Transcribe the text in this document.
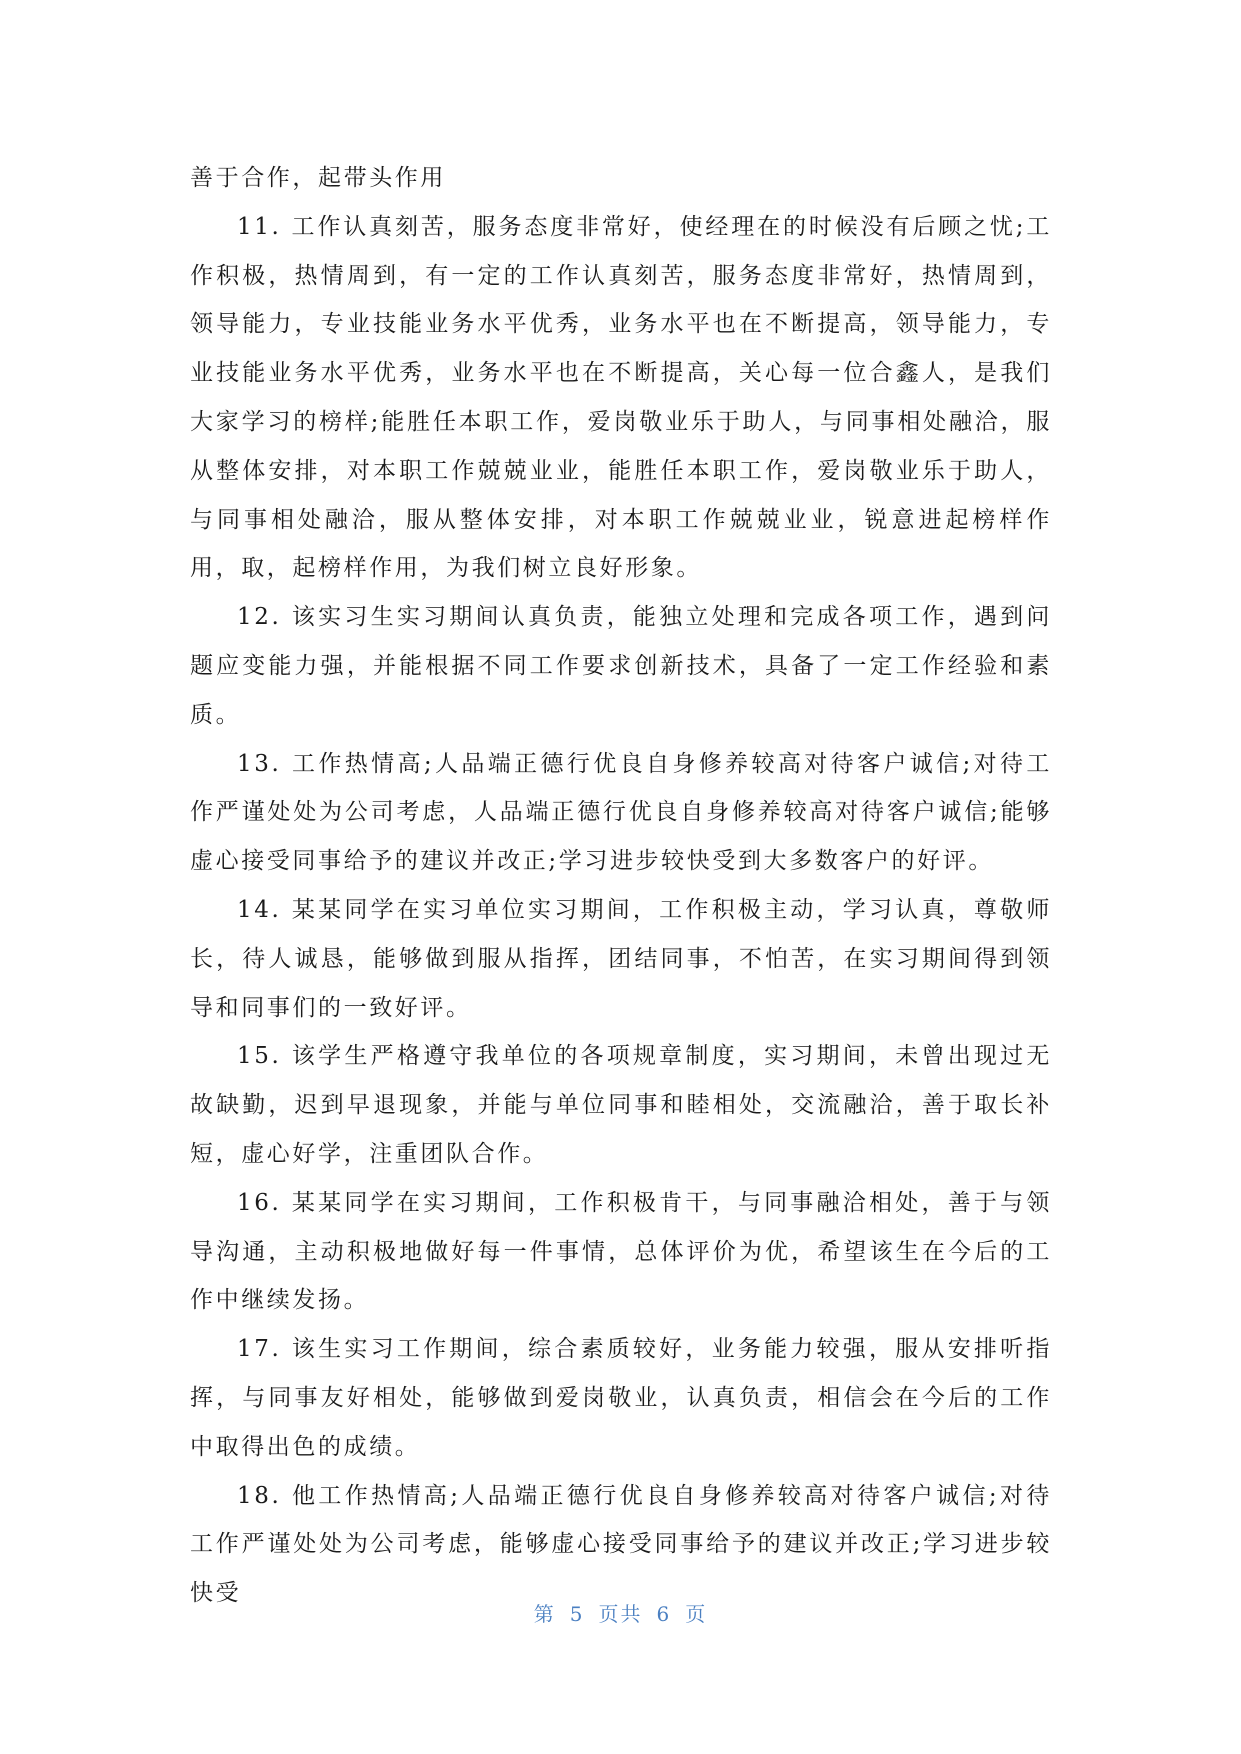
善于合作，起带头作用

11. 工作认真刻苦，服务态度非常好，使经理在的时候没有后顾之忧;工作积极，热情周到，有一定的工作认真刻苦，服务态度非常好，热情周到，领导能力，专业技能业务水平优秀，业务水平也在不断提高，领导能力，专业技能业务水平优秀，业务水平也在不断提高，关心每一位合鑫人，是我们大家学习的榜样;能胜任本职工作，爱岗敬业乐于助人，与同事相处融洽，服从整体安排，对本职工作兢兢业业，能胜任本职工作，爱岗敬业乐于助人，与同事相处融洽，服从整体安排，对本职工作兢兢业业，锐意进起榜样作用，取，起榜样作用，为我们树立良好形象。

12. 该实习生实习期间认真负责，能独立处理和完成各项工作，遇到问题应变能力强，并能根据不同工作要求创新技术，具备了一定工作经验和素质。

13. 工作热情高;人品端正德行优良自身修养较高对待客户诚信;对待工作严谨处处为公司考虑，人品端正德行优良自身修养较高对待客户诚信;能够虚心接受同事给予的建议并改正;学习进步较快受到大多数客户的好评。

14. 某某同学在实习单位实习期间，工作积极主动，学习认真，尊敬师长，待人诚恳，能够做到服从指挥，团结同事，不怕苦，在实习期间得到领导和同事们的一致好评。

15. 该学生严格遵守我单位的各项规章制度，实习期间，未曾出现过无故缺勤，迟到早退现象，并能与单位同事和睦相处，交流融洽，善于取长补短，虚心好学，注重团队合作。

16. 某某同学在实习期间，工作积极肯干，与同事融洽相处，善于与领导沟通，主动积极地做好每一件事情，总体评价为优，希望该生在今后的工作中继续发扬。

17. 该生实习工作期间，综合素质较好，业务能力较强，服从安排听指挥，与同事友好相处，能够做到爱岗敬业，认真负责，相信会在今后的工作中取得出色的成绩。

18. 他工作热情高;人品端正德行优良自身修养较高对待客户诚信;对待工作严谨处处为公司考虑，能够虚心接受同事给予的建议并改正;学习进步较快受

第 5 页共 6 页
